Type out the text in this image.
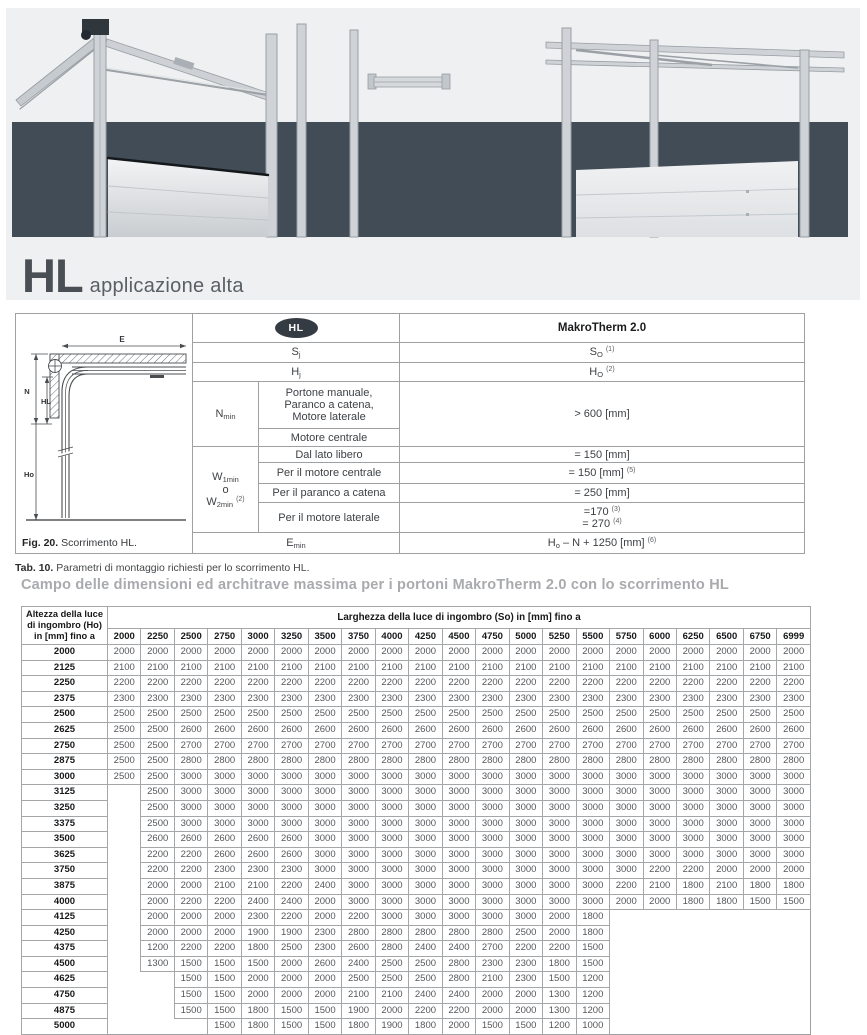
HL applicazione alta
E
N
HL
Ho
Fig. 20. Scorrimento HL.	HL		MakroTherm 2.0
	$S_j$		$S_O$ $^{(1)}$
	$H_j$		$H_O$ $^{(2)}$
	$N_{min}$	Portone manuale,
Paranco a catena,
Motore laterale	> 600 [mm]
		Motore centrale	
	$W_{1min}$
o
$W_{2min}$ $^{(2)}$	Dal lato libero	= 150 [mm]
		Per il motore centrale	= 150 [mm] $^{(5)}$
		Per il paranco a catena	= 250 [mm]
		Per il motore laterale	=170 $^{(3)}$
= 270 $^{(4)}$
	$E_{min}$		$H_o - N + 1250$ [mm] $^{(6)}$
Tab. 10. Parametri di montaggio richiesti per lo scorrimento HL.
Campo delle dimensioni ed architrave massima per i portoni MakroTherm 2.0 con lo scorrimento HL
Altezza della luce di ingombro (Ho) in [mm] fino a	Larghezza della luce di ingombro (So) in [mm] fino a																				
	2000	2250	2500	2750	3000	3250	3500	3750	4000	4250	4500	4750	5000	5250	5500	5750	6000	6250	6500	6750	6999
2000	2000	2000	2000	2000	2000	2000	2000	2000	2000	2000	2000	2000	2000	2000	2000	2000	2000	2000	2000	2000	2000
2125	2100	2100	2100	2100	2100	2100	2100	2100	2100	2100	2100	2100	2100	2100	2100	2100	2100	2100	2100	2100	2100
2250	2200	2200	2200	2200	2200	2200	2200	2200	2200	2200	2200	2200	2200	2200	2200	2200	2200	2200	2200	2200	2200
2375	2300	2300	2300	2300	2300	2300	2300	2300	2300	2300	2300	2300	2300	2300	2300	2300	2300	2300	2300	2300	2300
2500	2500	2500	2500	2500	2500	2500	2500	2500	2500	2500	2500	2500	2500	2500	2500	2500	2500	2500	2500	2500	2500
2625	2500	2500	2600	2600	2600	2600	2600	2600	2600	2600	2600	2600	2600	2600	2600	2600	2600	2600	2600	2600	2600
2750	2500	2500	2700	2700	2700	2700	2700	2700	2700	2700	2700	2700	2700	2700	2700	2700	2700	2700	2700	2700	2700
2875	2500	2500	2800	2800	2800	2800	2800	2800	2800	2800	2800	2800	2800	2800	2800	2800	2800	2800	2800	2800	2800
3000	2500	2500	3000	3000	3000	3000	3000	3000	3000	3000	3000	3000	3000	3000	3000	3000	3000	3000	3000	3000	3000
3125		2500	3000	3000	3000	3000	3000	3000	3000	3000	3000	3000	3000	3000	3000	3000	3000	3000	3000	3000	3000
3250		2500	3000	3000	3000	3000	3000	3000	3000	3000	3000	3000	3000	3000	3000	3000	3000	3000	3000	3000	3000
3375		2500	3000	3000	3000	3000	3000	3000	3000	3000	3000	3000	3000	3000	3000	3000	3000	3000	3000	3000	3000
3500		2600	2600	2600	2600	2600	3000	3000	3000	3000	3000	3000	3000	3000	3000	3000	3000	3000	3000	3000	3000
3625		2200	2200	2600	2600	2600	3000	3000	3000	3000	3000	3000	3000	3000	3000	3000	3000	3000	3000	3000	3000
3750		2200	2200	2300	2300	2300	3000	3000	3000	3000	3000	3000	3000	3000	3000	3000	2200	2200	2000	2000	2000
3875		2000	2000	2100	2100	2200	2400	3000	3000	3000	3000	3000	3000	3000	3000	2200	2100	1800	2100	1800	1800
4000		2000	2200	2200	2400	2400	2000	3000	3000	3000	3000	3000	3000	3000	3000	2000	2000	1800	1800	1500	1500
4125		2000	2000	2000	2300	2200	2000	2200	3000	3000	3000	3000	3000	2000	1800						
4250		2000	2000	2000	1900	1900	2300	2800	2800	2800	2800	2800	2500	2000	1800						
4375		1200	2200	2200	1800	2500	2300	2600	2800	2400	2400	2700	2200	2200	1500						
4500		1300	1500	1500	1500	2000	2600	2400	2500	2500	2800	2300	2300	1800	1500						
4625			1500	1500	2000	2000	2000	2500	2500	2500	2800	2100	2300	1500	1200						
4750			1500	1500	2000	2000	2000	2100	2100	2400	2400	2000	2000	1300	1200						
4875			1500	1500	1800	1500	1500	1900	2000	2200	2200	2000	2000	1300	1200						
5000				1500	1800	1500	1500	1800	1900	1800	2000	1500	1500	1200	1000						
